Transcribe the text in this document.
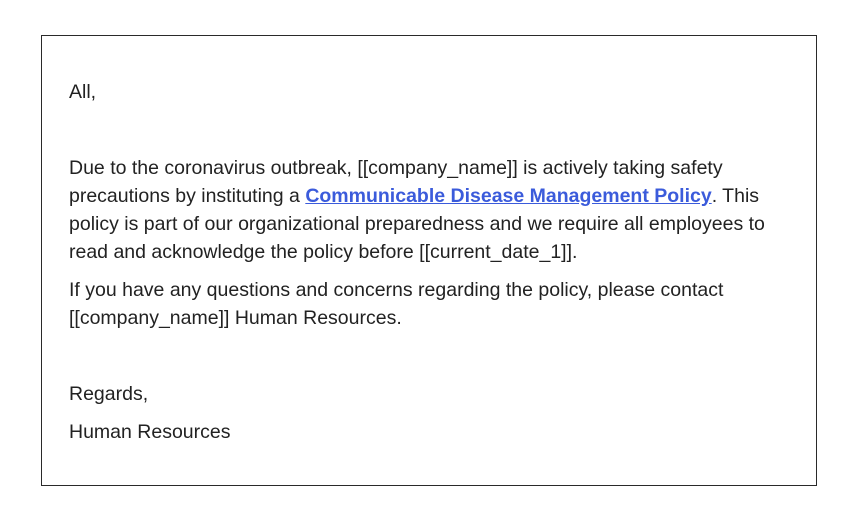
All,

Due to the coronavirus outbreak, [[company_name]] is actively taking safety precautions by instituting a Communicable Disease Management Policy. This policy is part of our organizational preparedness and we require all employees to read and acknowledge the policy before [[current_date_1]].

If you have any questions and concerns regarding the policy, please contact [[company_name]] Human Resources.

Regards,

Human Resources
